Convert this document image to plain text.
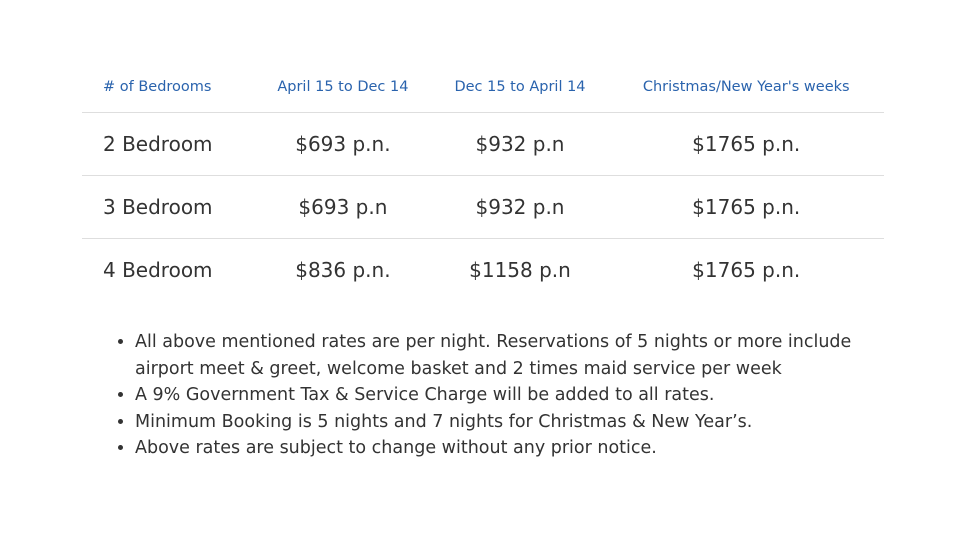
# of Bedrooms	April 15 to Dec 14	Dec 15 to April 14	Christmas/New Year's weeks
2 Bedroom	$693 p.n.	$932 p.n	$1765 p.n.
3 Bedroom	$693 p.n	$932 p.n	$1765 p.n.
4 Bedroom	$836 p.n.	$1158 p.n	$1765 p.n.
• All above mentioned rates are per night. Reservations of 5 nights or more include airport meet & greet, welcome basket and 2 times maid service per week
• A 9% Government Tax & Service Charge will be added to all rates.
• Minimum Booking is 5 nights and 7 nights for Christmas & New Year’s.
• Above rates are subject to change without any prior notice.
